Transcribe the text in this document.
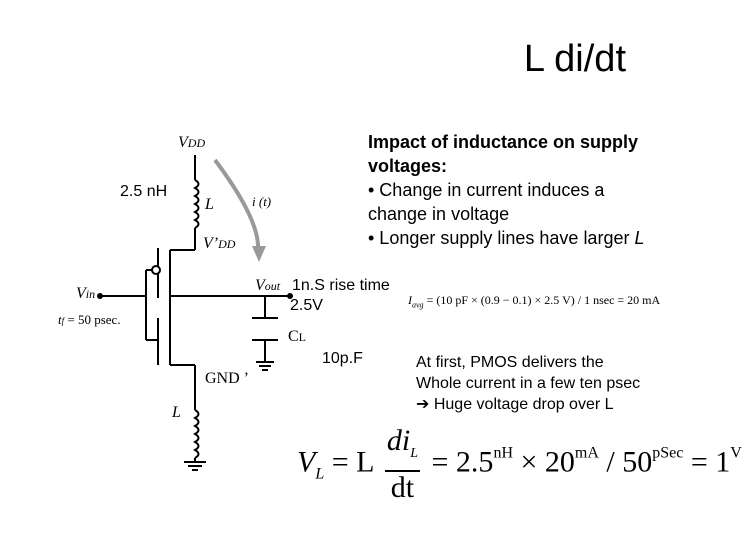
L di/dt
VDD
2.5 nH
L	i (t)
V’DD
Vin
tf = 50 psec.
Vout 1n.S rise time
2.5V
CL
10p.F
GND ’
L
Impact of inductance on supply
voltages:
• Change in current induces a
change in voltage
• Longer supply lines have larger L
$I_{avg} = (10$ pF × (0.9 − 0.1) × 2.5 V) / 1 nsec = 20 mA
At first, PMOS delivers the
Whole current in a few ten psec
➔ Huge voltage drop over L
$V_L = L \frac{di_L}{dt} = 2.5^{nH} \times 20^{mA} / 50^{pSec} = 1^V$
